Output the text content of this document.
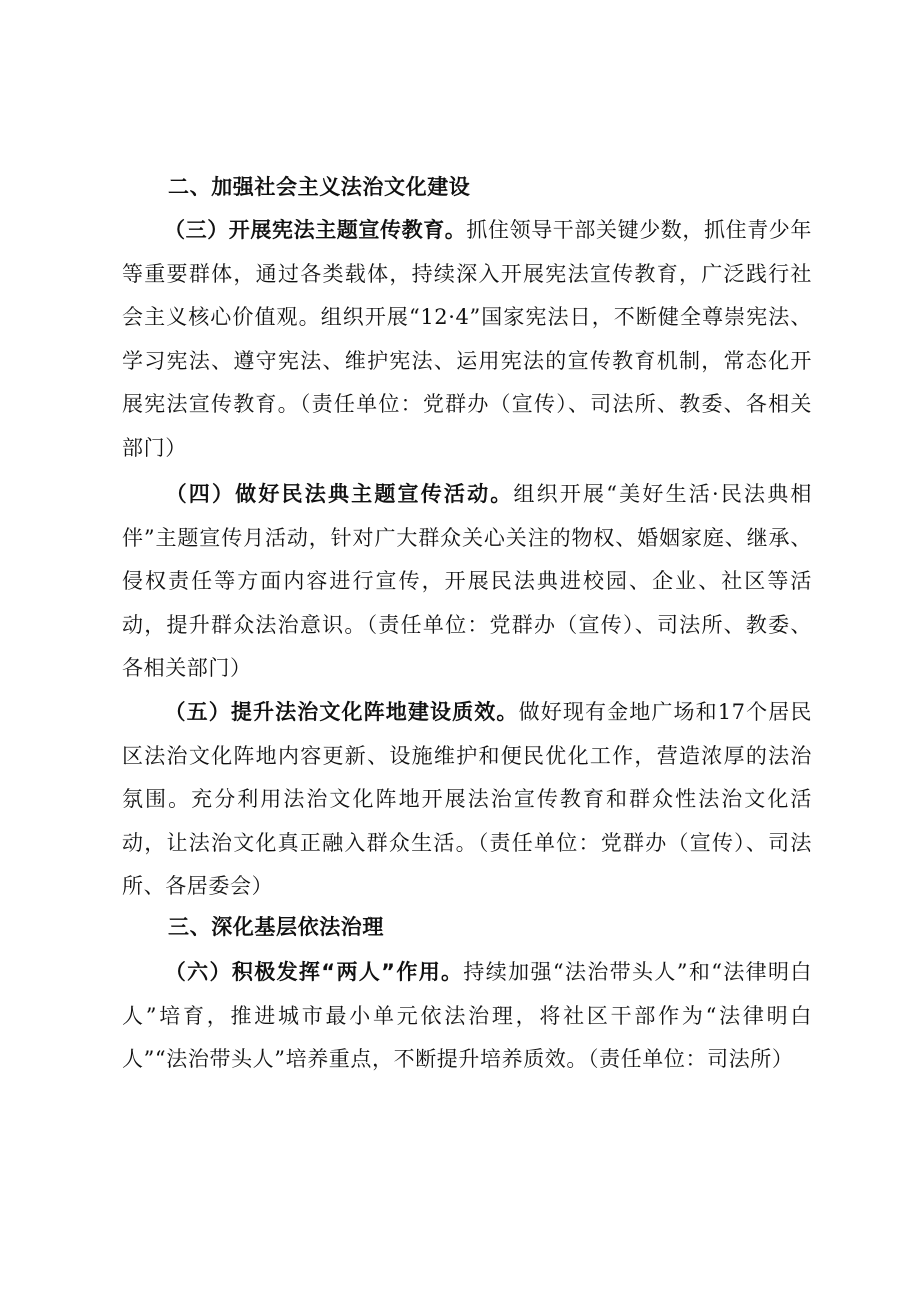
二、加强社会主义法治文化建设
（三）开展宪法主题宣传教育。抓住领导干部关键少数，抓住青少年等重要群体，通过各类载体，持续深入开展宪法宣传教育，广泛践行社会主义核心价值观。组织开展“12·4”国家宪法日，不断健全尊崇宪法、学习宪法、遵守宪法、维护宪法、运用宪法的宣传教育机制，常态化开展宪法宣传教育。（责任单位：党群办（宣传）、司法所、教委、各相关部门）
（四）做好民法典主题宣传活动。组织开展“美好生活·民法典相伴”主题宣传月活动，针对广大群众关心关注的物权、婚姻家庭、继承、侵权责任等方面内容进行宣传，开展民法典进校园、企业、社区等活动，提升群众法治意识。（责任单位：党群办（宣传）、司法所、教委、各相关部门）
（五）提升法治文化阵地建设质效。做好现有金地广场和17个居民区法治文化阵地内容更新、设施维护和便民优化工作，营造浓厚的法治氛围。充分利用法治文化阵地开展法治宣传教育和群众性法治文化活动，让法治文化真正融入群众生活。（责任单位：党群办（宣传）、司法所、各居委会）
三、深化基层依法治理
（六）积极发挥“两人”作用。持续加强“法治带头人”和“法律明白人”培育，推进城市最小单元依法治理，将社区干部作为“法律明白人”“法治带头人”培养重点，不断提升培养质效。（责任单位：司法所）
